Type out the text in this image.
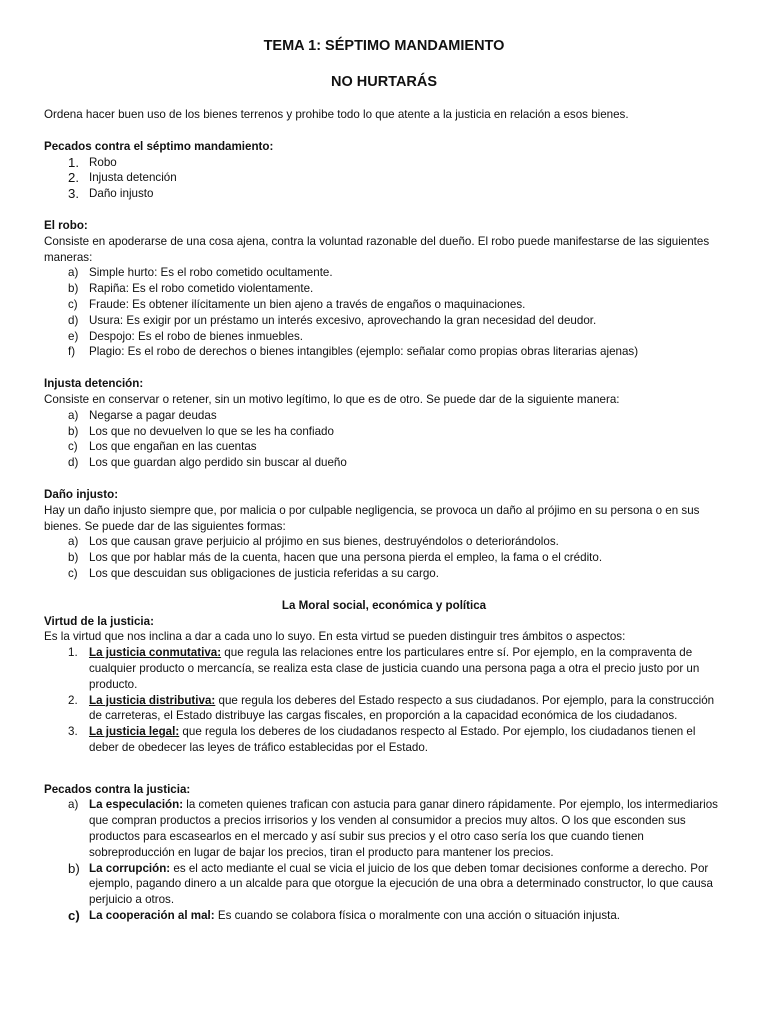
TEMA 1: SÉPTIMO MANDAMIENTO

NO HURTARÁS

Ordena hacer buen uso de los bienes terrenos y prohibe todo lo que atente a la justicia en relación a esos bienes.

Pecados contra el séptimo mandamiento:

1. Robo
2. Injusta detención
3. Daño injusto

El robo:

Consiste en apoderarse de una cosa ajena, contra la voluntad razonable del dueño. El robo puede manifestarse de las siguientes maneras:

a) Simple hurto: Es el robo cometido ocultamente.
b) Rapiña: Es el robo cometido violentamente.
c) Fraude: Es obtener ilícitamente un bien ajeno a través de engaños o maquinaciones.
d) Usura: Es exigir por un préstamo un interés excesivo, aprovechando la gran necesidad del deudor.
e) Despojo: Es el robo de bienes inmuebles.
f)	Plagio: Es el robo de derechos o bienes intangibles (ejemplo: señalar como propias obras literarias ajenas)

Injusta detención:

Consiste en conservar o retener, sin un motivo legítimo, lo que es de otro. Se puede dar de la siguiente manera:

a) Negarse a pagar deudas
b) Los que no devuelven lo que se les ha confiado
c) Los que engañan en las cuentas
d) Los que guardan algo perdido sin buscar al dueño

Daño injusto:

Hay un daño injusto siempre que, por malicia o por culpable negligencia, se provoca un daño al prójimo en su persona o en sus bienes. Se puede dar de las siguientes formas:

a) Los que causan grave perjuicio al prójimo en sus bienes, destruyéndolos o deteriorándolos.
b) Los que por hablar más de la cuenta, hacen que una persona pierda el empleo, la fama o el crédito.
c) Los que descuidan sus obligaciones de justicia referidas a su cargo.

La Moral social, económica y política

Virtud de la justicia:

Es la virtud que nos inclina a dar a cada uno lo suyo. En esta virtud se pueden distinguir tres ámbitos o aspectos:

1. La justicia conmutativa: que regula las relaciones entre los particulares entre sí. Por ejemplo, en la compraventa de cualquier producto o mercancía, se realiza esta clase de justicia cuando una persona paga a otra el precio justo por un producto.
2. La justicia distributiva: que regula los deberes del Estado respecto a sus ciudadanos. Por ejemplo, para la construcción de carreteras, el Estado distribuye las cargas fiscales, en proporción a la capacidad económica de los ciudadanos.
3. La justicia legal: que regula los deberes de los ciudadanos respecto al Estado. Por ejemplo, los ciudadanos tienen el deber de obedecer las leyes de tráfico establecidas por el Estado.

Pecados contra la justicia:

a) La especulación: la cometen quienes trafican con astucia para ganar dinero rápidamente. Por ejemplo, los intermediarios que compran productos a precios irrisorios y los venden al consumidor a precios muy altos. O los que esconden sus productos para escasearlos en el mercado y así subir sus precios y el otro caso sería los que cuando tienen sobreproducción en lugar de bajar los precios, tiran el producto para mantener los precios.
b) La corrupción: es el acto mediante el cual se vicia el juicio de los que deben tomar decisiones conforme a derecho. Por ejemplo, pagando dinero a un alcalde para que otorgue la ejecución de una obra a determinado constructor, lo que causa perjuicio a otros.
c) La cooperación al mal: Es cuando se colabora física o moralmente con una acción o situación injusta.
